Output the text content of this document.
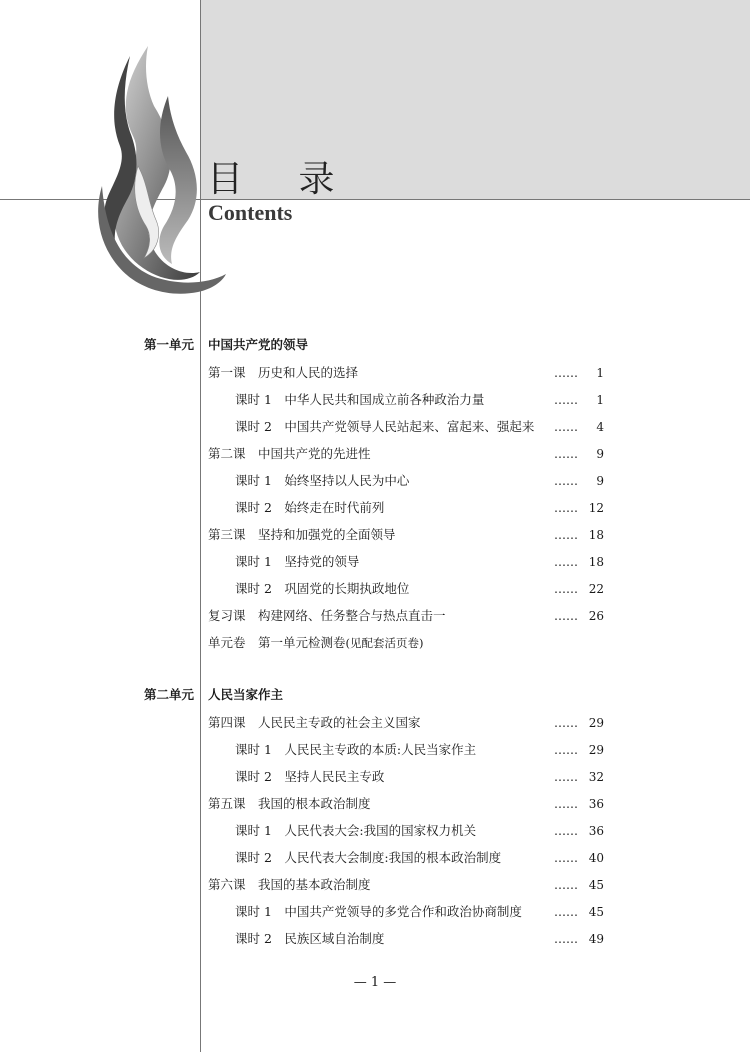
目 录
Contents
第一单元 中国共产党的领导
第一课　历史和人民的选择	……	1
课时 1　中华人民共和国成立前各种政治力量	……	1
课时 2　中国共产党领导人民站起来、富起来、强起来 ……	4
第二课　中国共产党的先进性	……	9
课时 1　始终坚持以人民为中心	……	9
课时 2　始终走在时代前列	…… 12
第三课　坚持和加强党的全面领导	…… 18
课时 1　坚持党的领导	…… 18
课时 2　巩固党的长期执政地位	…… 22
复习课　构建网络、任务整合与热点直击一	…… 26
单元卷　第一单元检测卷(见配套活页卷)
第二单元 人民当家作主
第四课　人民民主专政的社会主义国家	…… 29
课时 1　人民民主专政的本质:人民当家作主	…… 29
课时 2　坚持人民民主专政	…… 32
第五课　我国的根本政治制度	…… 36
课时 1　人民代表大会:我国的国家权力机关	…… 36
课时 2　人民代表大会制度:我国的根本政治制度	…… 40
第六课　我国的基本政治制度	…… 45
课时 1　中国共产党领导的多党合作和政治协商制度	…… 45
课时 2　民族区域自治制度	…… 49
— 1 —
